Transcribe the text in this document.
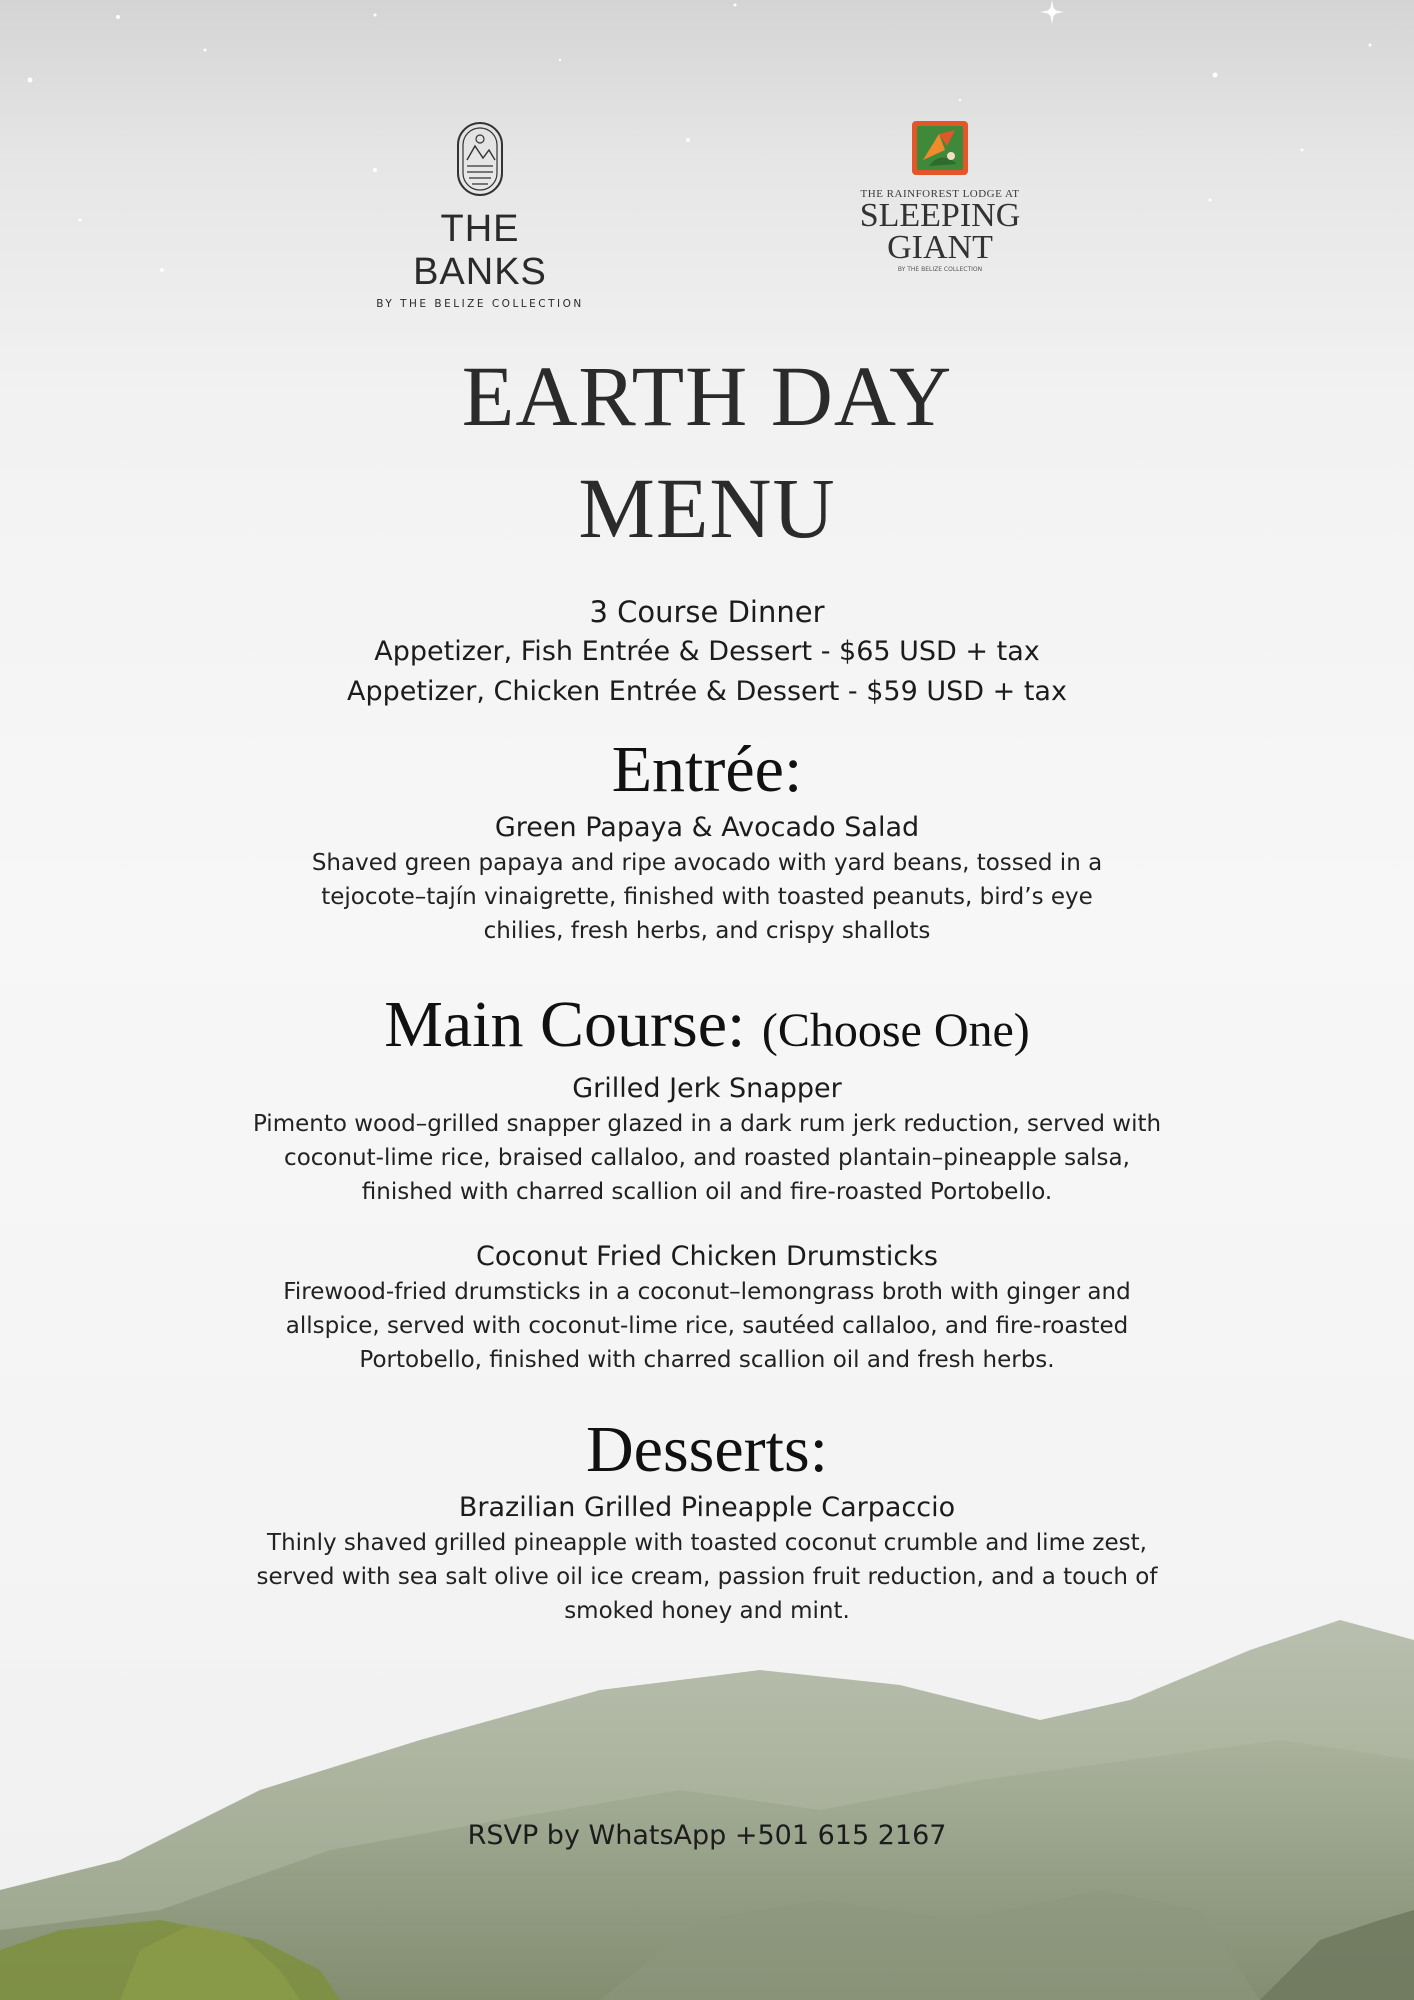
THE BANKS
BY THE BELIZE COLLECTION
THE RAINFOREST LODGE AT
SLEEPING
GIANT
BY THE BELIZE COLLECTION
EARTH DAY
MENU
3 Course Dinner
Appetizer, Fish Entrée & Dessert - $65 USD + tax
Appetizer, Chicken Entrée & Dessert - $59 USD + tax
Entrée:
Green Papaya & Avocado Salad
Shaved green papaya and ripe avocado with yard beans, tossed in a
tejocote–tajín vinaigrette, finished with toasted peanuts, bird’s eye
chilies, fresh herbs, and crispy shallots
Main Course: (Choose One)
Grilled Jerk Snapper
Pimento wood–grilled snapper glazed in a dark rum jerk reduction, served with
coconut-lime rice, braised callaloo, and roasted plantain–pineapple salsa,
finished with charred scallion oil and fire-roasted Portobello.
Coconut Fried Chicken Drumsticks
Firewood-fried drumsticks in a coconut–lemongrass broth with ginger and
allspice, served with coconut-lime rice, sautéed callaloo, and fire-roasted
Portobello, finished with charred scallion oil and fresh herbs.
Desserts:
Brazilian Grilled Pineapple Carpaccio
Thinly shaved grilled pineapple with toasted coconut crumble and lime zest,
served with sea salt olive oil ice cream, passion fruit reduction, and a touch of
smoked honey and mint.
RSVP by WhatsApp +501 615 2167
